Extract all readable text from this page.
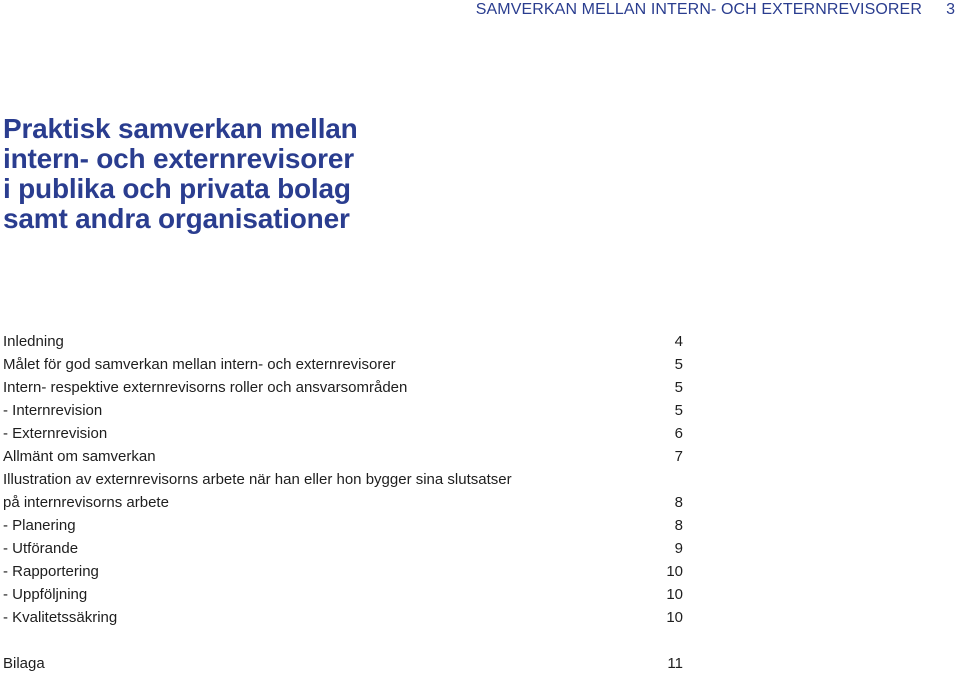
SAMVERKAN MELLAN INTERN- OCH EXTERNREVISORER 3
Praktisk samverkan mellan
intern- och externrevisorer
i publika och privata bolag
samt andra organisationer
Inledning	4
Målet för god samverkan mellan intern- och externrevisorer	5
Intern- respektive externrevisorns roller och ansvarsområden	5
- Internrevision	5
- Externrevision	6
Allmänt om samverkan	7
Illustration av externrevisorns arbete när han eller hon bygger sina slutsatser
på internrevisorns arbete	8
- Planering	8
- Utförande	9
- Rapportering	10
- Uppföljning	10
- Kvalitetssäkring	10
Bilaga	11
